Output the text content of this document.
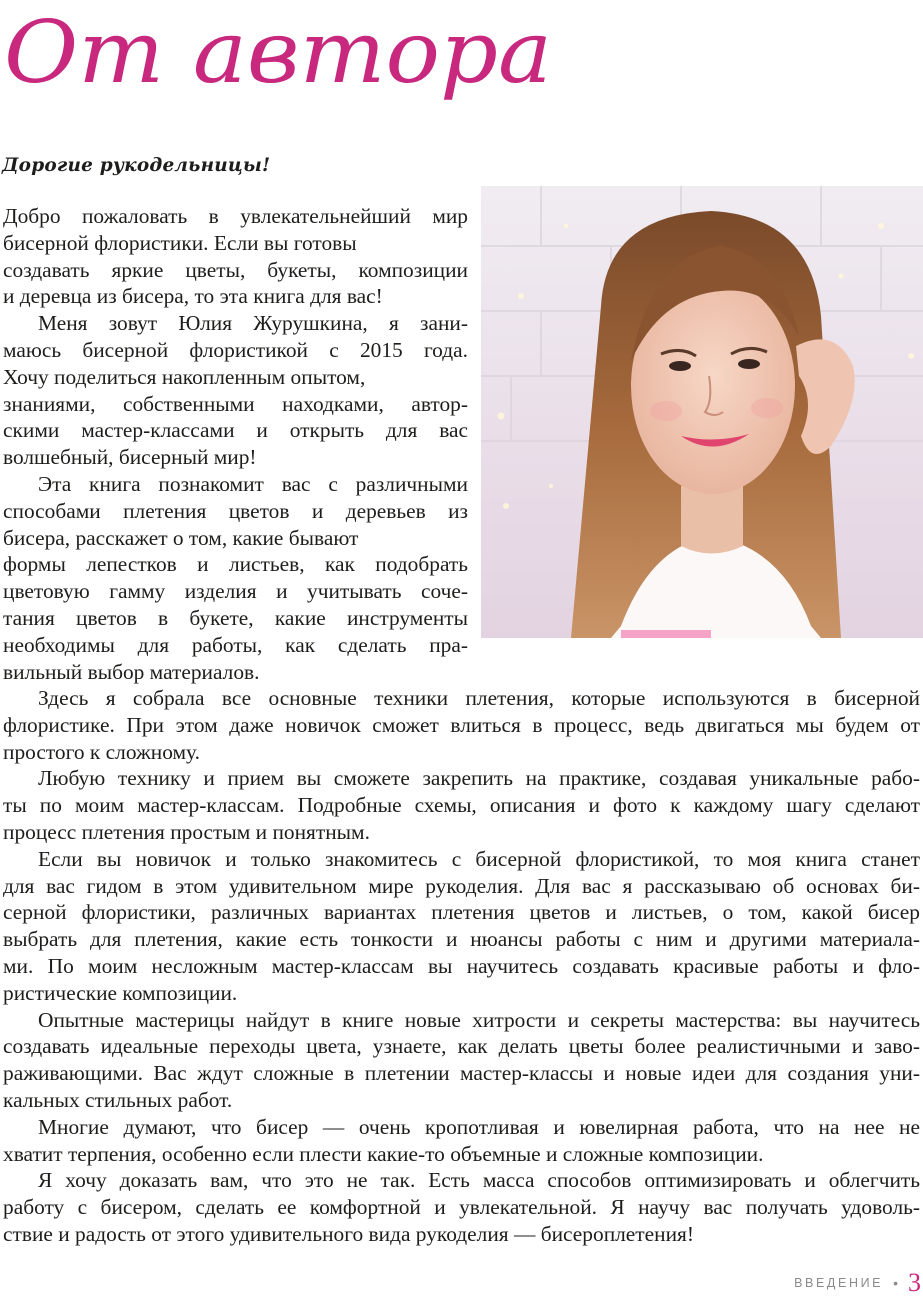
От автора

Дорогие рукодельницы!

Добро пожаловать в увлекательнейший мир
бисерной флористики. Если вы готовы
создавать яркие цветы, букеты, композиции
и деревца из бисера, то эта книга для вас!
Меня зовут Юлия Журушкина, я зани-
маюсь бисерной флористикой с 2015 года.
Хочу поделиться накопленным опытом,
знаниями, собственными находками, автор-
скими мастер-классами и открыть для вас
волшебный, бисерный мир!
Эта книга познакомит вас с различными
способами плетения цветов и деревьев из
бисера, расскажет о том, какие бывают
формы лепестков и листьев, как подобрать
цветовую гамму изделия и учитывать соче-
тания цветов в букете, какие инструменты
необходимы для работы, как сделать пра-
вильный выбор материалов.
Здесь я собрала все основные техники плетения, которые используются в бисерной
флористике. При этом даже новичок сможет влиться в процесс, ведь двигаться мы будем от
простого к сложному.
Любую технику и прием вы сможете закрепить на практике, создавая уникальные рабо-
ты по моим мастер-классам. Подробные схемы, описания и фото к каждому шагу сделают
процесс плетения простым и понятным.
Если вы новичок и только знакомитесь с бисерной флористикой, то моя книга станет
для вас гидом в этом удивительном мире рукоделия. Для вас я рассказываю об основах би-
серной флористики, различных вариантах плетения цветов и листьев, о том, какой бисер
выбрать для плетения, какие есть тонкости и нюансы работы с ним и другими материала-
ми. По моим несложным мастер-классам вы научитесь создавать красивые работы и фло-
ристические композиции.
Опытные мастерицы найдут в книге новые хитрости и секреты мастерства: вы научитесь
создавать идеальные переходы цвета, узнаете, как делать цветы более реалистичными и заво-
раживающими. Вас ждут сложные в плетении мастер-классы и новые идеи для создания уни-
кальных стильных работ.
Многие думают, что бисер — очень кропотливая и ювелирная работа, что на нее не
хватит терпения, особенно если плести какие-то объемные и сложные композиции.
Я хочу доказать вам, что это не так. Есть масса способов оптимизировать и облегчить
работу с бисером, сделать ее комфортной и увлекательной. Я научу вас получать удоволь-
ствие и радость от этого удивительного вида рукоделия — бисероплетения!
ВВЕДЕНИЕ • 3
